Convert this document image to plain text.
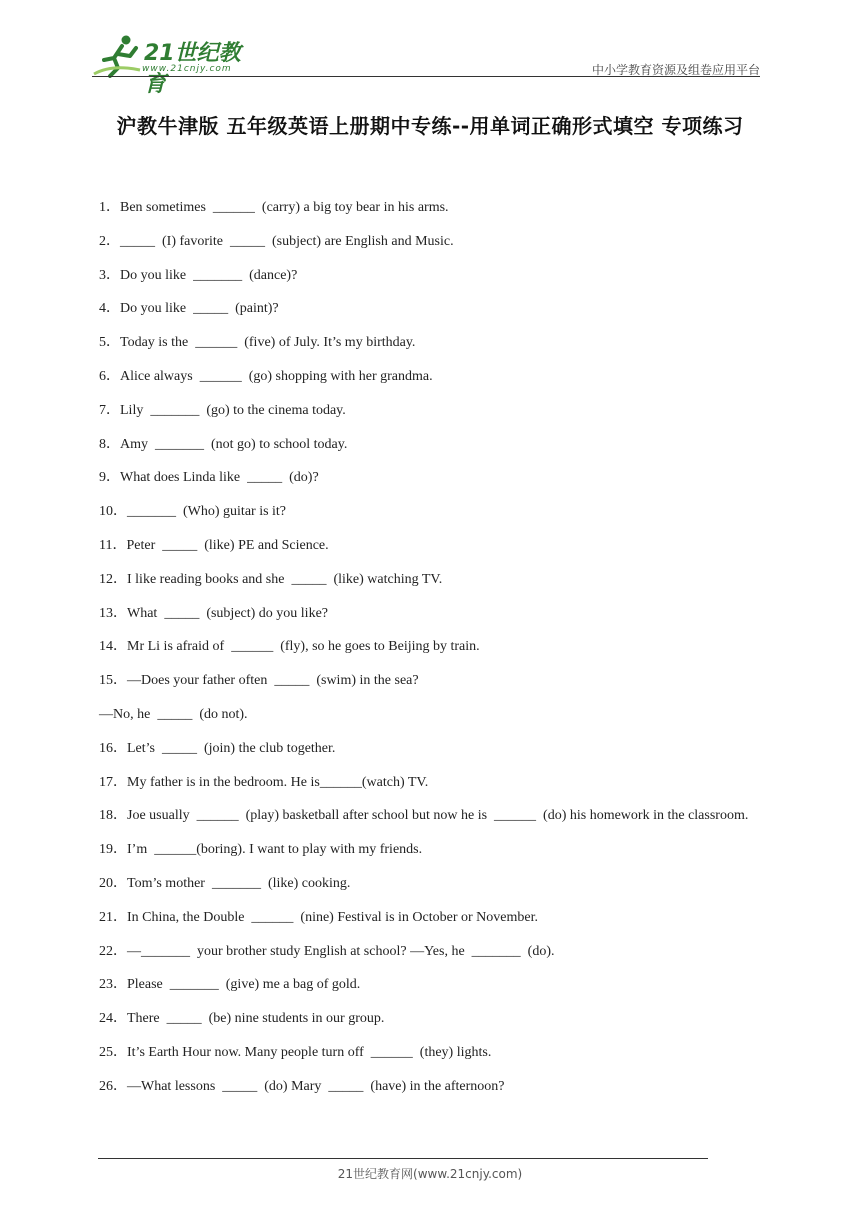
21世纪教育
www.21cnjy.com	中小学教育资源及组卷应用平台
沪教牛津版 五年级英语上册期中专练--用单词正确形式填空 专项练习
1．Ben sometimes  ______  (carry) a big toy bear in his arms.
2．_____  (I) favorite  _____  (subject) are English and Music.
3．Do you like  _______  (dance)?
4．Do you like  _____  (paint)?
5．Today is the  ______  (five) of July. It’s my birthday.
6．Alice always  ______  (go) shopping with her grandma.
7．Lily  _______  (go) to the cinema today.
8．Amy  _______  (not go) to school today.
9．What does Linda like  _____  (do)?
10．_______  (Who) guitar is it?
11．Peter  _____  (like) PE and Science.
12．I like reading books and she  _____  (like) watching TV.
13．What  _____  (subject) do you like?
14．Mr Li is afraid of  ______  (fly), so he goes to Beijing by train.
15．—Does your father often  _____  (swim) in the sea?
—No, he  _____  (do not).
16．Let’s  _____  (join) the club together.
17．My father is in the bedroom. He is______(watch) TV.
18．Joe usually  ______  (play) basketball after school but now he is  ______  (do) his homework in the classroom.
19．I’m  ______(boring). I want to play with my friends.
20．Tom’s mother  _______  (like) cooking.
21．In China, the Double  ______  (nine) Festival is in October or November.
22．—_______  your brother study English at school? —Yes, he  _______  (do).
23．Please  _______  (give) me a bag of gold.
24．There  _____  (be) nine students in our group.
25．It’s Earth Hour now. Many people turn off  ______  (they) lights.
26．—What lessons  _____  (do) Mary  _____  (have) in the afternoon?
21世纪教育网(www.21cnjy.com)
